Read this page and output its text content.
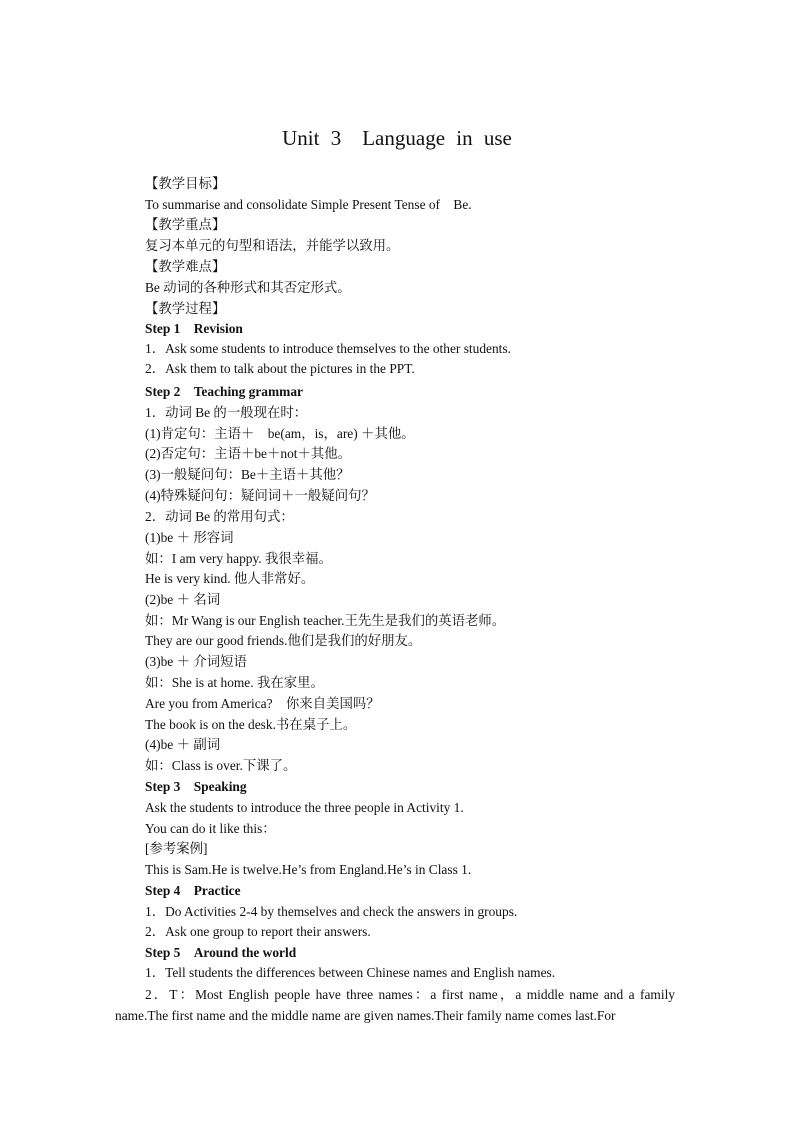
Unit 3　Language in use
【教学目标】
To summarise and consolidate Simple Present Tense of　Be.
【教学重点】
复习本单元的句型和语法，并能学以致用。
【教学难点】
Be 动词的各种形式和其否定形式。
【教学过程】
Step 1　Revision
1．Ask some students to introduce themselves to the other students.
2．Ask them to talk about the pictures in the PPT.
Step 2　Teaching grammar
1．动词 Be 的一般现在时：
(1)肯定句：主语＋　be(am，is，are) ＋其他。
(2)否定句：主语＋be＋not＋其他。
(3)一般疑问句：Be＋主语＋其他？
(4)特殊疑问句：疑问词＋一般疑问句？
2．动词 Be 的常用句式：
(1)be ＋ 形容词
如：I am very happy. 我很幸福。
He is very kind. 他人非常好。
(2)be ＋ 名词
如：Mr Wang is our English teacher.王先生是我们的英语老师。
They are our good friends.他们是我们的好朋友。
(3)be ＋ 介词短语
如：She is at home. 我在家里。
Are you from America?　你来自美国吗？
The book is on the desk.书在桌子上。
(4)be ＋ 副词
如：Class is over.下课了。
Step 3　Speaking
Ask the students to introduce the three people in Activity 1.
You can do it like this：
[参考案例]
This is Sam.He is twelve.He’s from England.He’s in Class 1.
Step 4　Practice
1．Do Activities 2-4 by themselves and check the answers in groups.
2．Ask one group to report their answers.
Step 5　Around the world
1．Tell students the differences between Chinese names and English names.
2．T：Most English people have three names：a first name，a middle name and a family name.The first name and the middle name are given names.Their family name comes last.For
